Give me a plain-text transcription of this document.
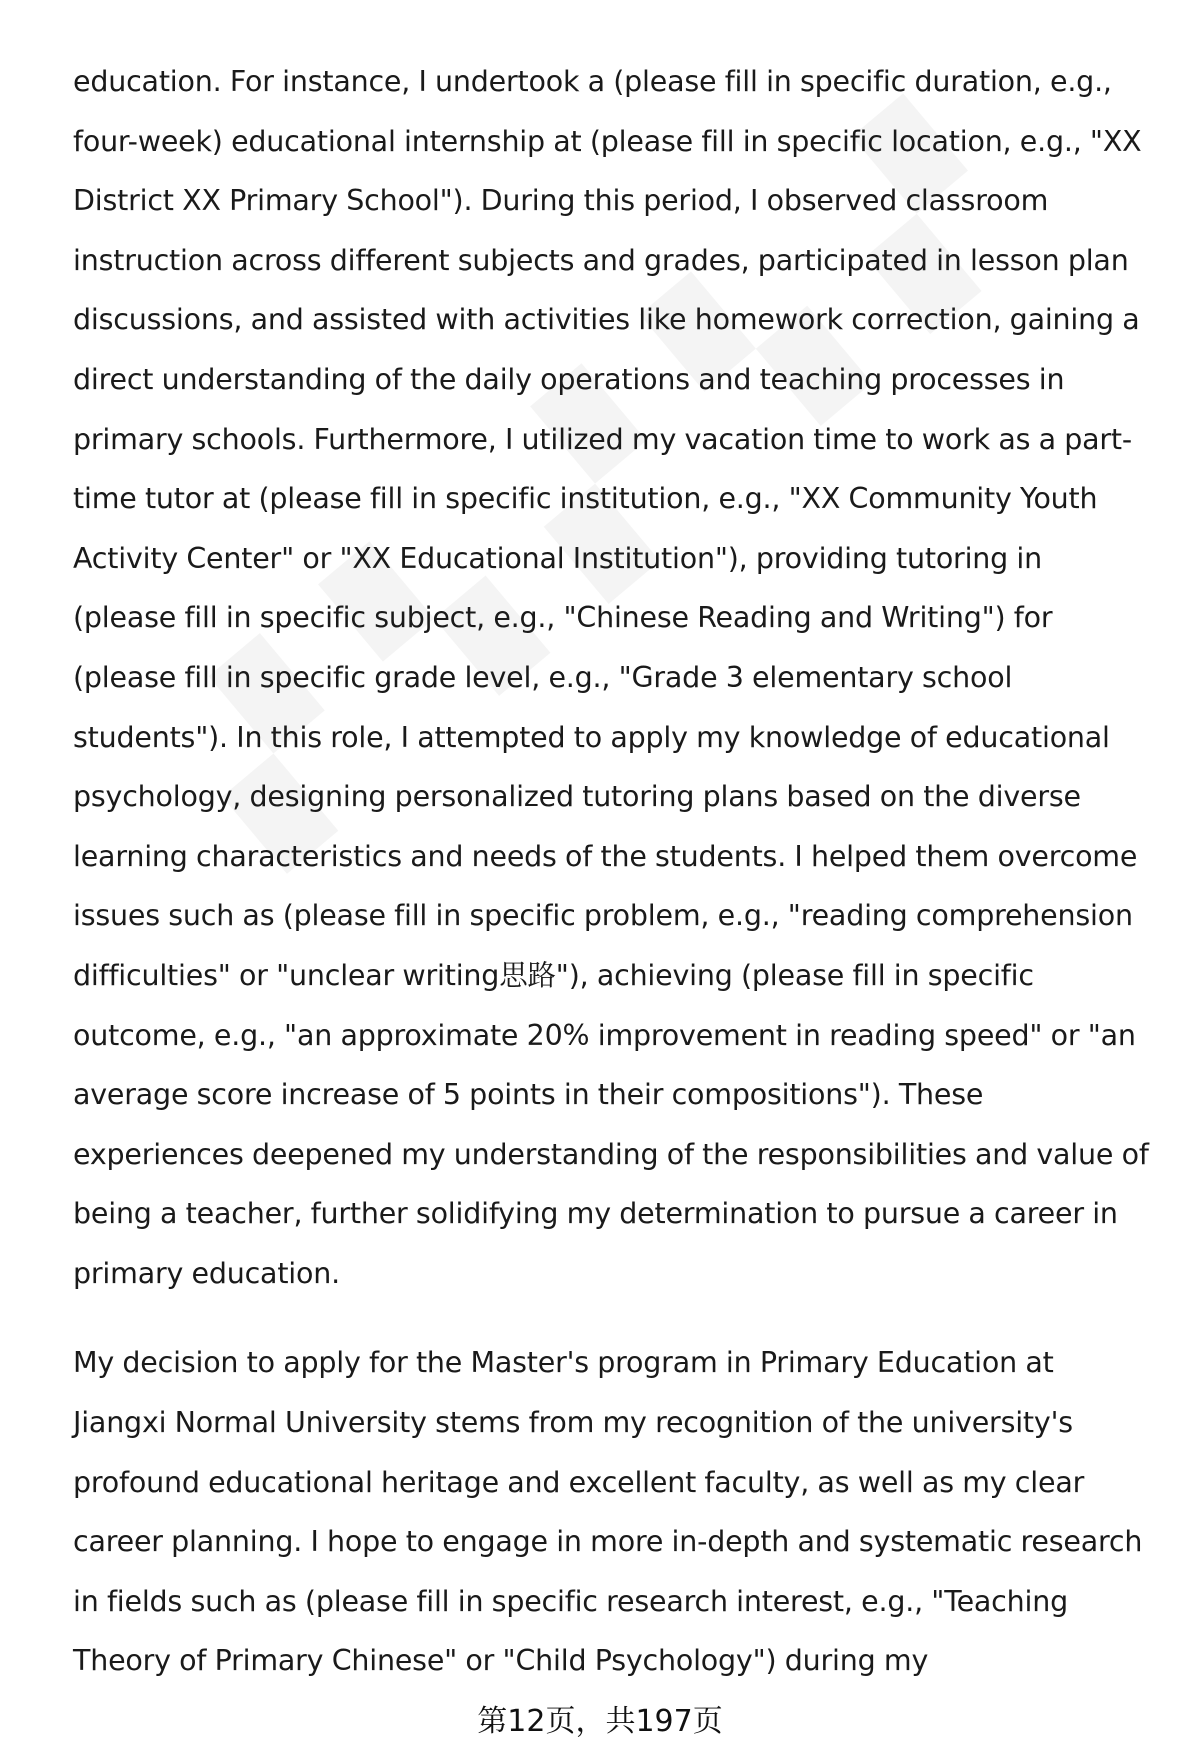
education. For instance, I undertook a (please fill in specific duration, e.g., four-week) educational internship at (please fill in specific location, e.g., "XX District XX Primary School"). During this period, I observed classroom instruction across different subjects and grades, participated in lesson plan discussions, and assisted with activities like homework correction, gaining a direct understanding of the daily operations and teaching processes in primary schools. Furthermore, I utilized my vacation time to work as a part-time tutor at (please fill in specific institution, e.g., "XX Community Youth Activity Center" or "XX Educational Institution"), providing tutoring in (please fill in specific subject, e.g., "Chinese Reading and Writing") for (please fill in specific grade level, e.g., "Grade 3 elementary school students"). In this role, I attempted to apply my knowledge of educational psychology, designing personalized tutoring plans based on the diverse learning characteristics and needs of the students. I helped them overcome issues such as (please fill in specific problem, e.g., "reading comprehension difficulties" or "unclear writing思路"), achieving (please fill in specific outcome, e.g., "an approximate 20% improvement in reading speed" or "an average score increase of 5 points in their compositions"). These experiences deepened my understanding of the responsibilities and value of being a teacher, further solidifying my determination to pursue a career in primary education.

My decision to apply for the Master's program in Primary Education at Jiangxi Normal University stems from my recognition of the university's profound educational heritage and excellent faculty, as well as my clear career planning. I hope to engage in more in-depth and systematic research in fields such as (please fill in specific research interest, e.g., "Teaching Theory of Primary Chinese" or "Child Psychology") during my

第12页，共197页
